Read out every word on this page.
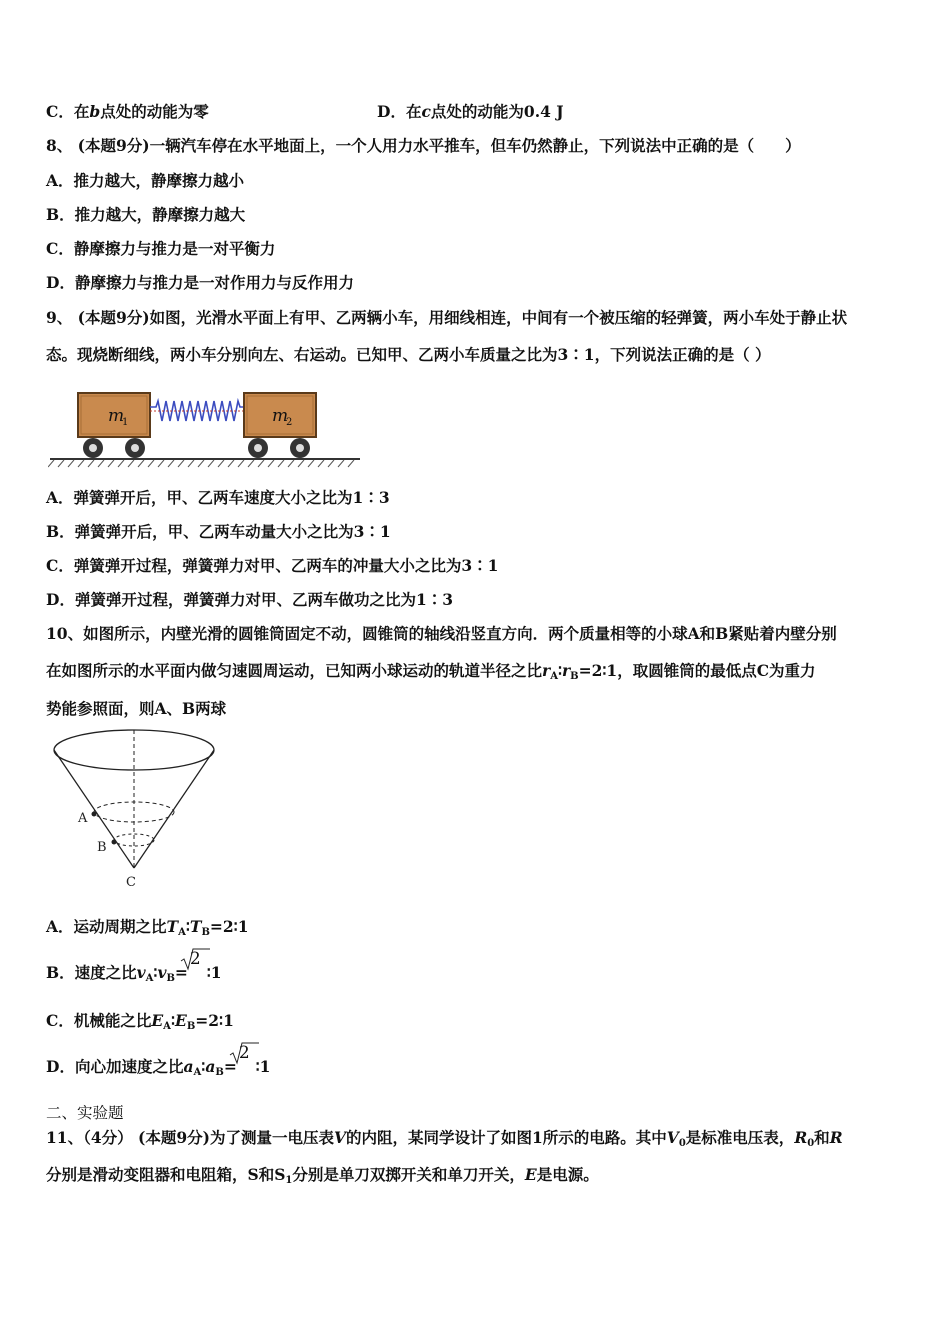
C．在b点处的动能为零	D．在c点处的动能为0.4 J
8、 (本题9分)一辆汽车停在水平地面上，一个人用力水平推车，但车仍然静止，下列说法中正确的是（　　）
A．推力越大，静摩擦力越小
B．推力越大，静摩擦力越大
C．静摩擦力与推力是一对平衡力
D．静摩擦力与推力是一对作用力与反作用力
9、 (本题9分)如图，光滑水平面上有甲、乙两辆小车，用细线相连，中间有一个被压缩的轻弹簧，两小车处于静止状
态。现烧断细线，两小车分别向左、右运动。已知甲、乙两小车质量之比为3∶1，下列说法正确的是（ ）
m
1	m
2
A．弹簧弹开后，甲、乙两车速度大小之比为1∶3
B．弹簧弹开后，甲、乙两车动量大小之比为3∶1
C．弹簧弹开过程，弹簧弹力对甲、乙两车的冲量大小之比为3∶1
D．弹簧弹开过程，弹簧弹力对甲、乙两车做功之比为1∶3
10、如图所示，内壁光滑的圆锥筒固定不动，圆锥筒的轴线沿竖直方向．两个质量相等的小球A和B紧贴着内壁分别
在如图所示的水平面内做匀速圆周运动，已知两小球运动的轨道半径之比$r_A∶r_B=2∶1$，取圆锥筒的最低点C为重力
势能参照面，则A、B两球
A
B
C
A．运动周期之比$T_A∶T_B=2∶1$
B．速度之比$v_A∶v_B=$
2∶1
C．机械能之比$E_A∶E_B=2∶1$
D．向心加速度之比$a_A∶a_B=$
2∶1
二、实验题
11、（4分） (本题9分)为了测量一电压表V的内阻，某同学设计了如图1所示的电路。其中$V_0$是标准电压表，$R_0$和R
分别是滑动变阻器和电阻箱，S和$S_1$分别是单刀双掷开关和单刀开关，E是电源。
